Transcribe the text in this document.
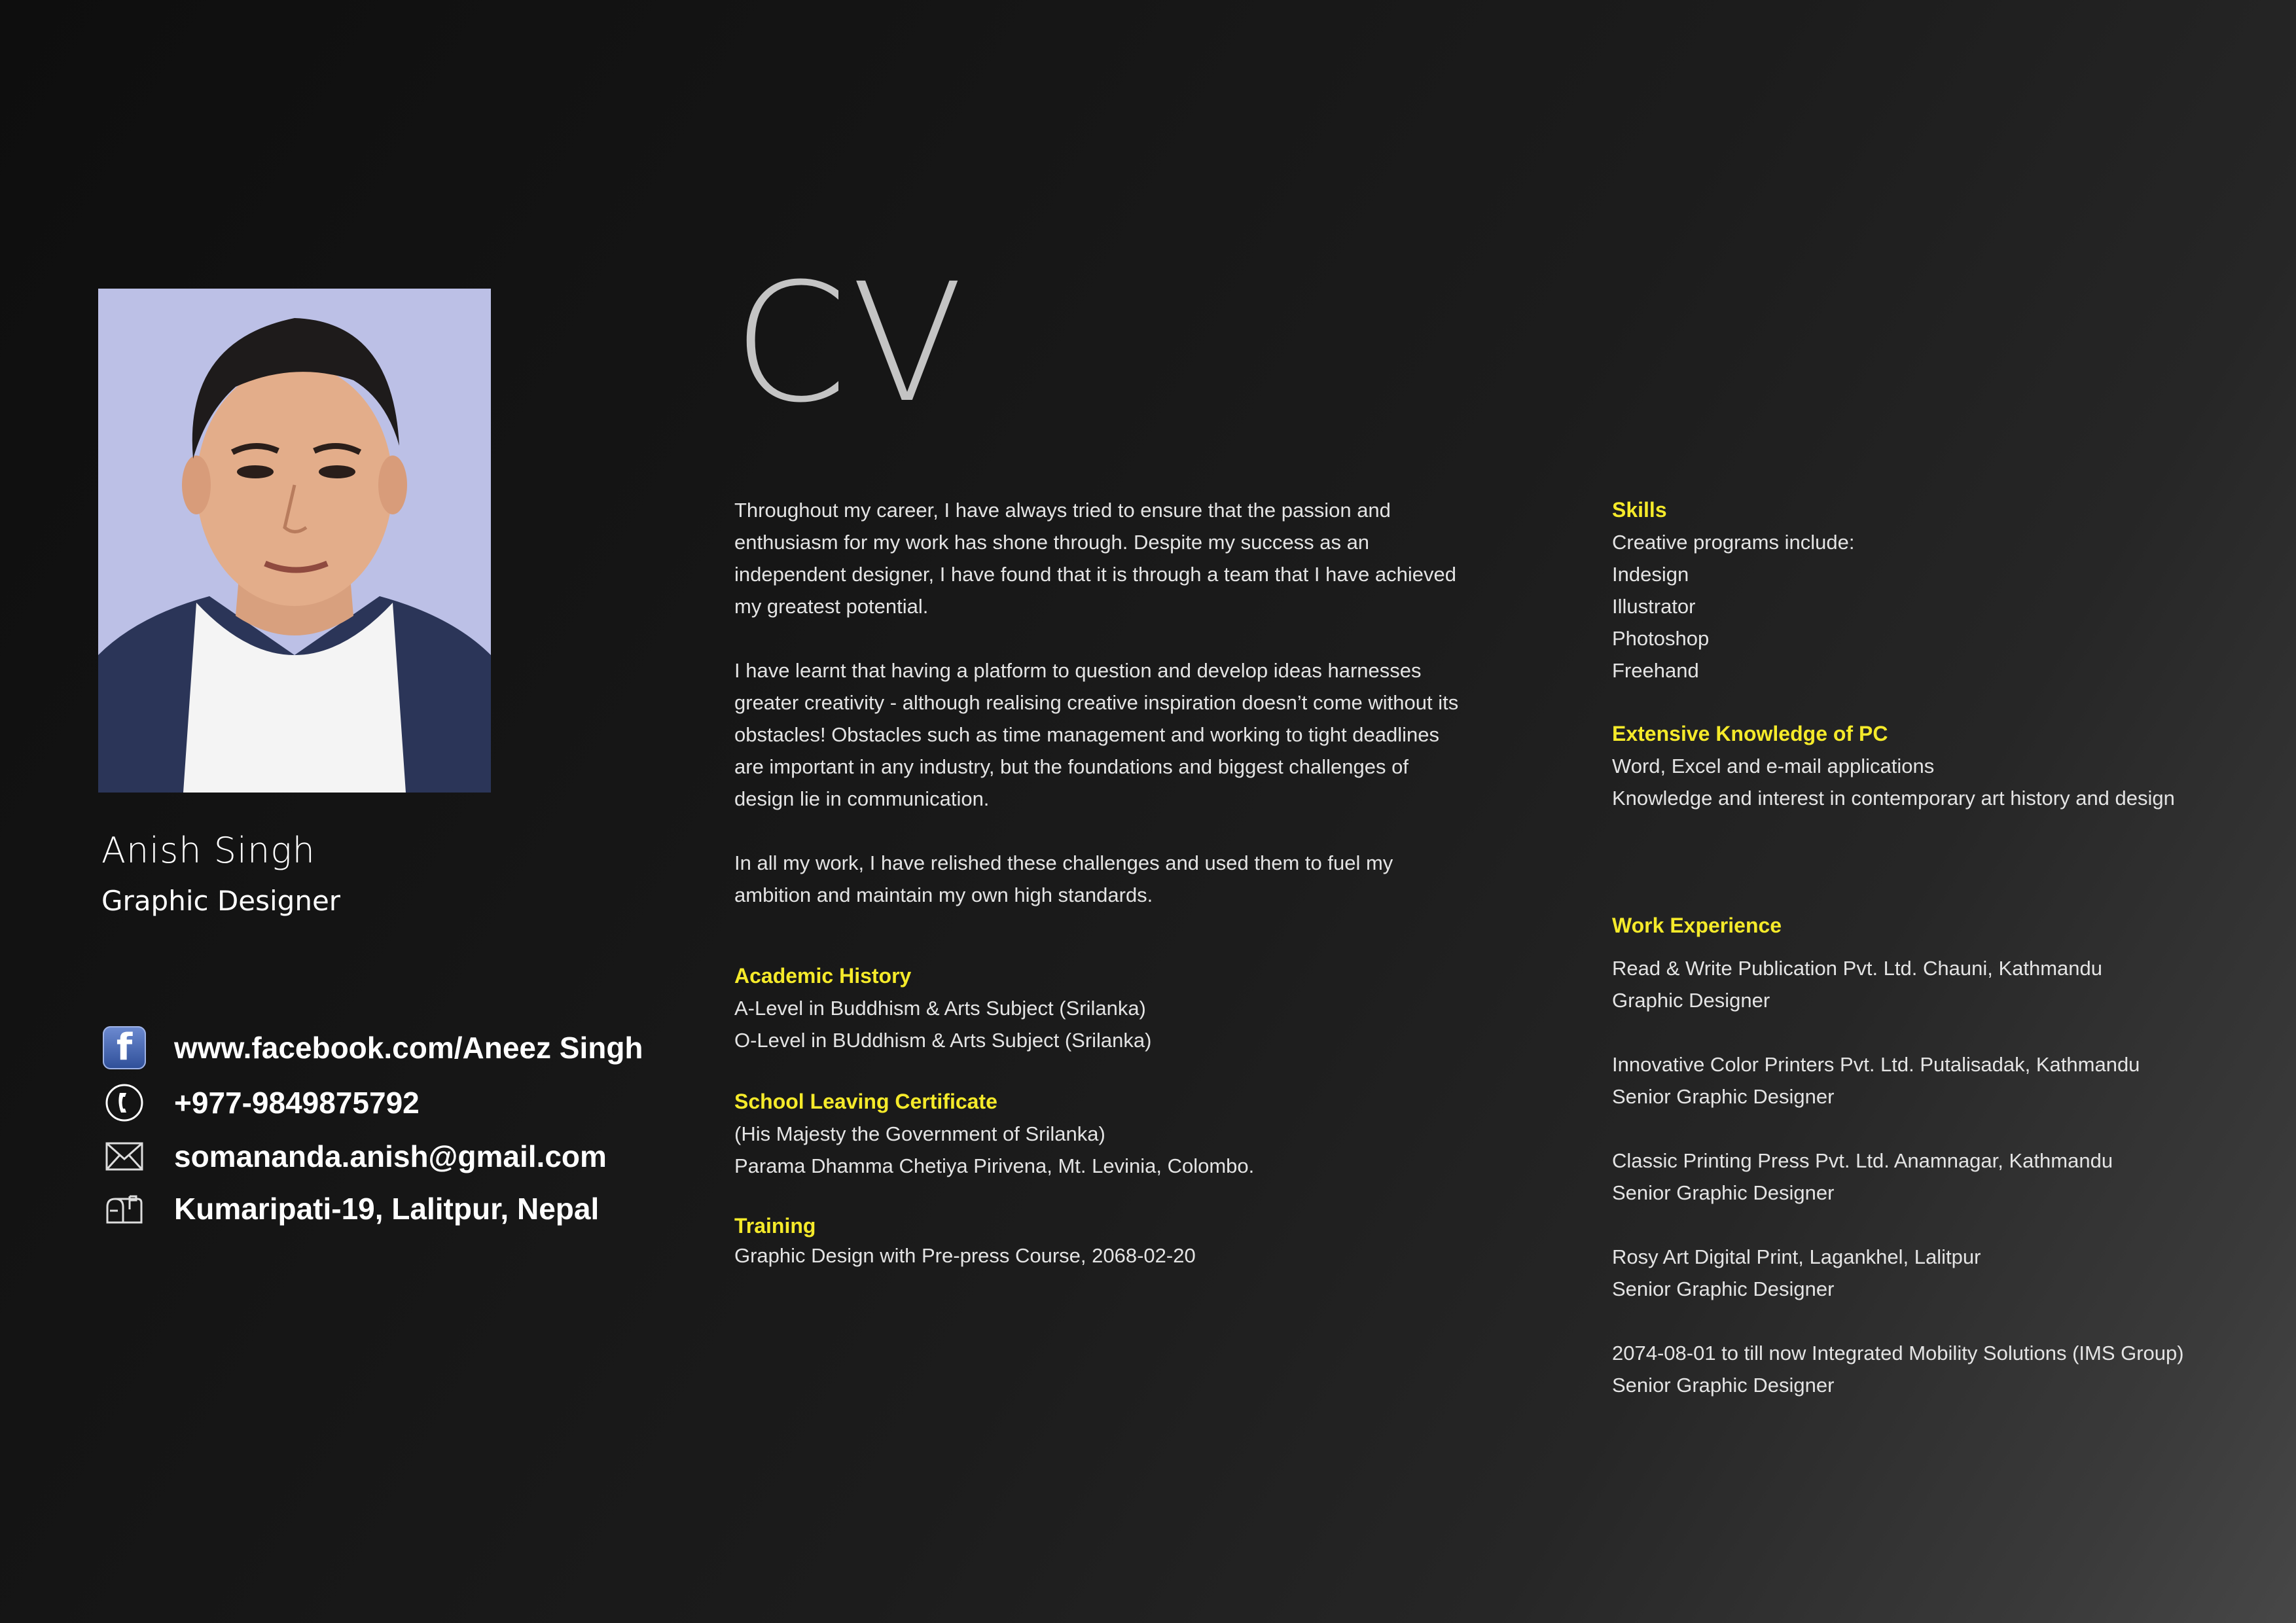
Anish Singh
Graphic Designer
f	www.facebook.com/Aneez Singh
+977-9849875792
somananda.anish@gmail.com
Kumaripati-19, Lalitpur, Nepal
CV

Throughout my career, I have always tried to ensure that the passion and
enthusiasm for my work has shone through. Despite my success as an
independent designer, I have found that it is through a team that I have achieved
my greatest potential.

I have learnt that having a platform to question and develop ideas harnesses
greater creativity - although realising creative inspiration doesn’t come without its
obstacles! Obstacles such as time management and working to tight deadlines
are important in any industry, but the foundations and biggest challenges of
design lie in communication.

In all my work, I have relished these challenges and used them to fuel my
ambition and maintain my own high standards.

Academic History

A-Level in Buddhism & Arts Subject (Srilanka)

O-Level in BUddhism & Arts Subject (Srilanka)

School Leaving Certificate

(His Majesty the Government of Srilanka)

Parama Dhamma Chetiya Pirivena, Mt. Levinia, Colombo.

Training

Graphic Design with Pre-press Course, 2068-02-20

Skills

Creative programs include:

Indesign

Illustrator

Photoshop

Freehand

Extensive Knowledge of PC

Word, Excel and e-mail applications

Knowledge and interest in contemporary art history and design

Work Experience

Read & Write Publication Pvt. Ltd. Chauni, Kathmandu
Graphic Designer

Innovative Color Printers Pvt. Ltd. Putalisadak, Kathmandu
Senior Graphic Designer

Classic Printing Press Pvt. Ltd. Anamnagar, Kathmandu
Senior Graphic Designer

Rosy Art Digital Print, Lagankhel, Lalitpur
Senior Graphic Designer

2074-08-01 to till now Integrated Mobility Solutions (IMS Group)
Senior Graphic Designer
